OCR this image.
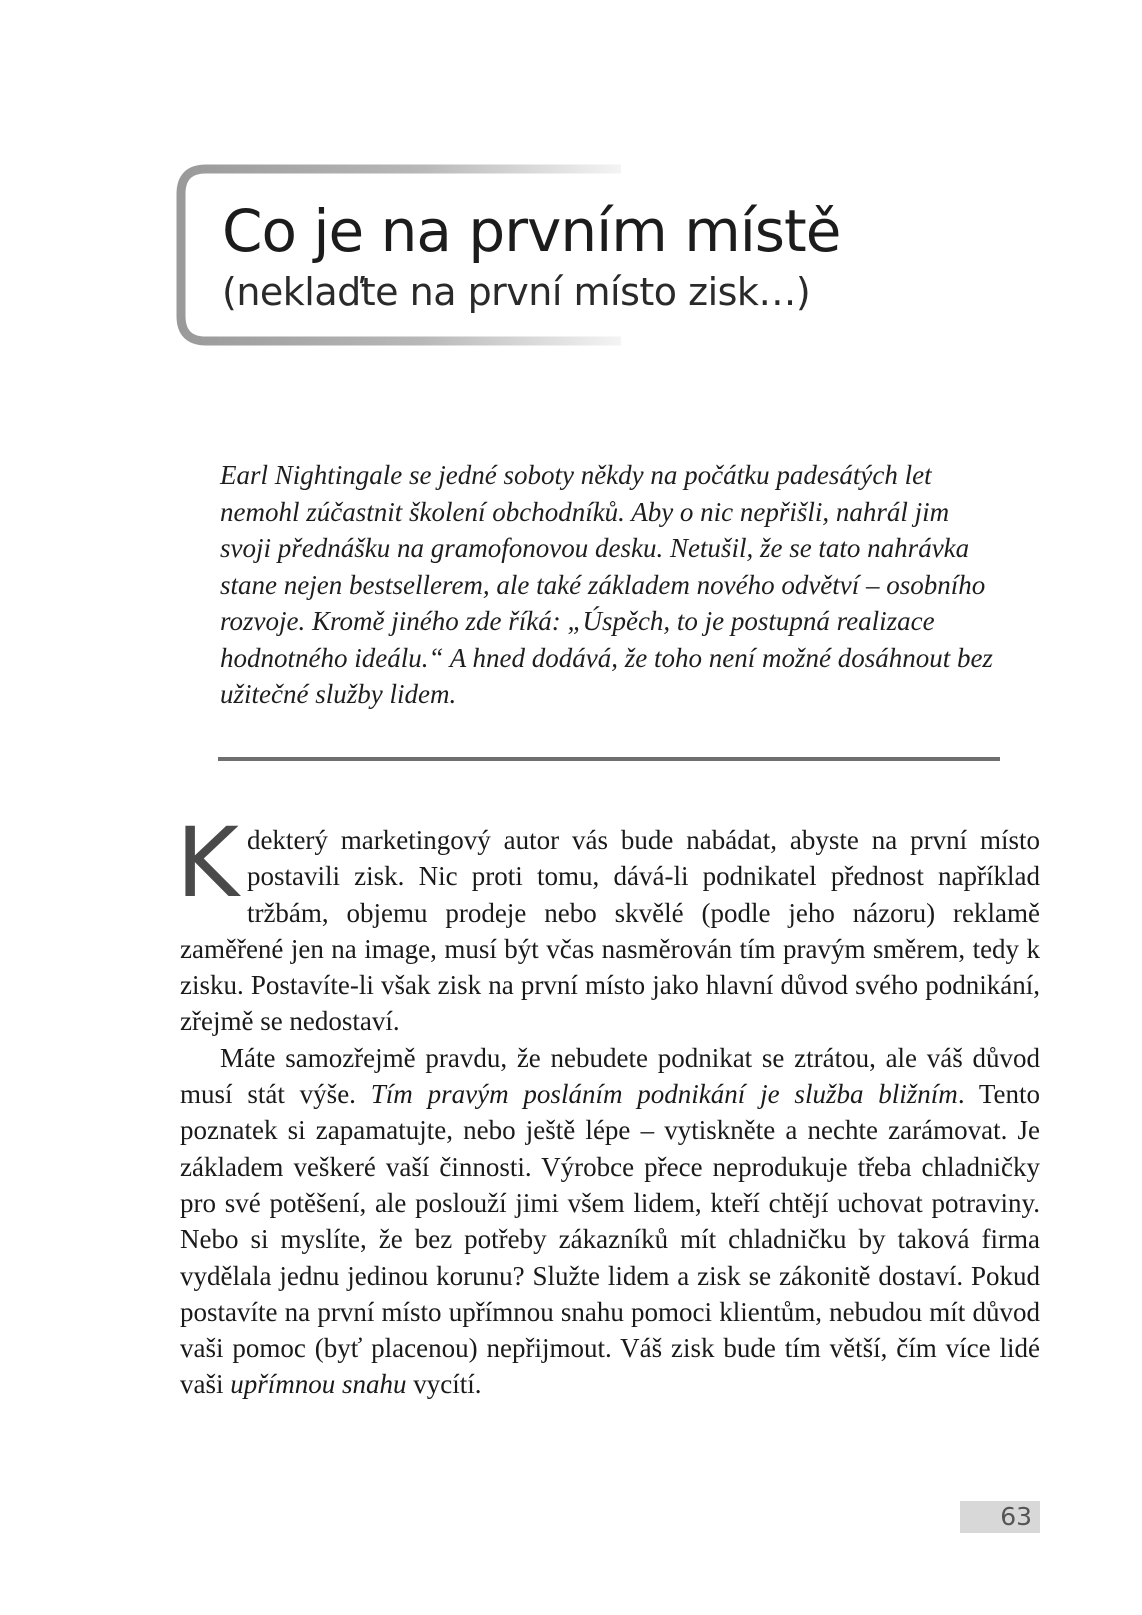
Co je na prvním místě
(neklaďte na první místo zisk…)

Earl Nightingale se jedné soboty někdy na počátku padesátých let nemohl zúčastnit školení obchodníků. Aby o nic nepřišli, nahrál jim svoji přednášku na gramofonovou desku. Netušil, že se tato nahrávka stane nejen bestsellerem, ale také základem nového odvětví – osobního rozvoje. Kromě jiného zde říká: „Úspěch, to je postupná realizace hodnotného ideálu.“ A hned dodává, že toho není možné dosáhnout bez užitečné služby lidem.

Kdekterý marketingový autor vás bude nabádat, abyste na první místo postavili zisk. Nic proti tomu, dává-li podnikatel přednost například tržbám, objemu prodeje nebo skvělé (podle jeho názoru) reklamě zaměřené jen na image, musí být včas nasměrován tím pravým směrem, tedy k zisku. Postavíte-li však zisk na první místo jako hlavní důvod svého podnikání, zřejmě se nedostaví.

Máte samozřejmě pravdu, že nebudete podnikat se ztrátou, ale váš důvod musí stát výše. Tím pravým posláním podnikání je služba bližním. Tento poznatek si zapamatujte, nebo ještě lépe – vytiskněte a nechte zarámovat. Je základem veškeré vaší činnosti. Výrobce přece neprodukuje třeba chladničky pro své potěšení, ale poslouží jimi všem lidem, kteří chtějí uchovat potraviny. Nebo si myslíte, že bez potřeby zákazníků mít chladničku by taková firma vydělala jednu jedinou korunu? Služte lidem a zisk se zákonitě dostaví. Pokud postavíte na první místo upřímnou snahu pomoci klientům, nebudou mít důvod vaši pomoc (byť placenou) nepřijmout. Váš zisk bude tím větší, čím více lidé vaši upřímnou snahu vycítí.

63
